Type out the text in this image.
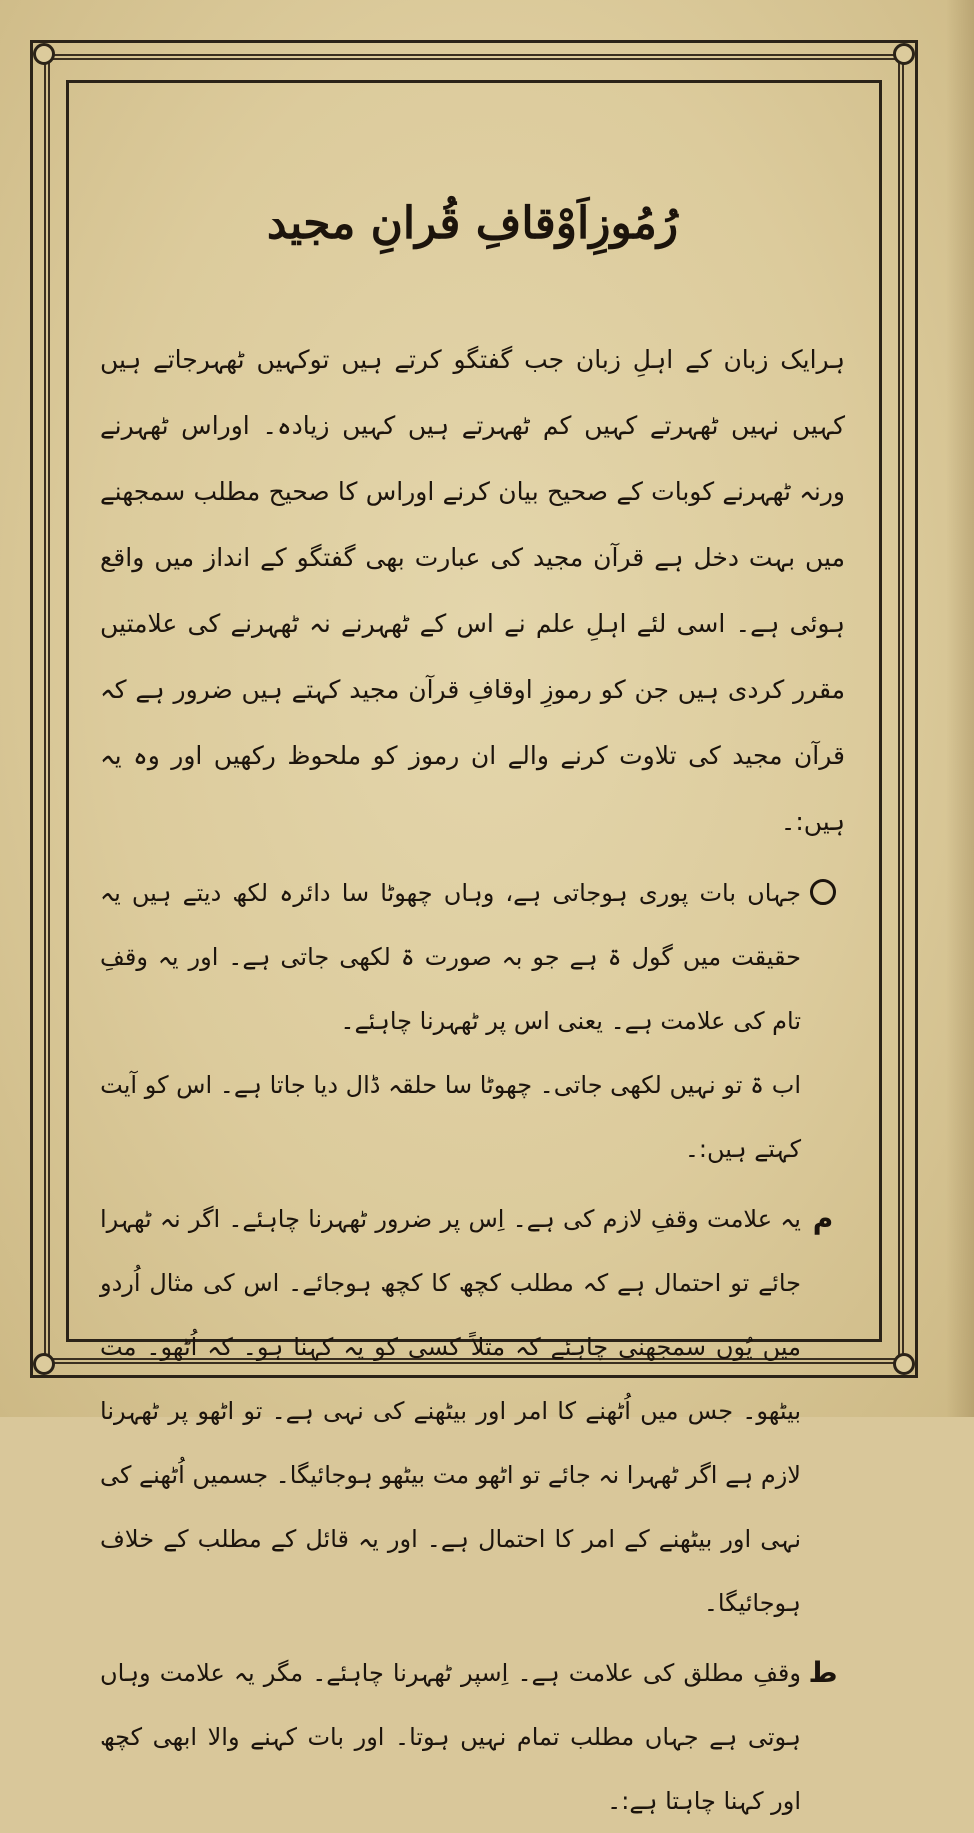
رُمُوزِاَوْقافِ قُرانِ مجید

ہرایک زبان کے اہلِ زبان جب گفتگو کرتے ہیں توکہیں ٹھہرجاتے ہیں کہیں نہیں ٹھہرتے کہیں کم ٹھہرتے ہیں کہیں زیادہ۔ اوراس ٹھہرنے ورنہ ٹھہرنے کوبات کے صحیح بیان کرنے اوراس کا صحیح مطلب سمجھنے میں بہت دخل ہے قرآن مجید کی عبارت بھی گفتگو کے انداز میں واقع ہوئی ہے۔ اسی لئے اہلِ علم نے اس کے ٹھہرنے نہ ٹھہرنے کی علامتیں مقرر کردی ہیں جن کو رموزِ اوقافِ قرآن مجید کہتے ہیں ضرور ہے کہ قرآن مجید کی تلاوت کرنے والے ان رموز کو ملحوظ رکھیں اور وہ یہ ہیں:۔

جہاں بات پوری ہوجاتی ہے، وہاں چھوٹا سا دائرہ لکھ دیتے ہیں یہ حقیقت میں گول ۃ ہے جو بہ صورت ۃ لکھی جاتی ہے۔ اور یہ وقفِ تام کی علامت ہے۔ یعنی اس پر ٹھہرنا چاہئے۔

اب ۃ تو نہیں لکھی جاتی۔ چھوٹا سا حلقہ ڈال دیا جاتا ہے۔ اس کو آیت کہتے ہیں:۔

م

یہ علامت وقفِ لازم کی ہے۔ اِس پر ضرور ٹھہرنا چاہئے۔ اگر نہ ٹھہرا جائے تو احتمال ہے کہ مطلب کچھ کا کچھ ہوجائے۔ اس کی مثال اُردو میں یُوں سمجھنی چاہئے کہ مثلاً کسی کو یہ کہنا ہو۔ کہ اُٹھو۔ مت بیٹھو۔ جس میں اُٹھنے کا امر اور بیٹھنے کی نہی ہے۔ تو اٹھو پر ٹھہرنا لازم ہے اگر ٹھہرا نہ جائے تو اٹھو مت بیٹھو ہوجائیگا۔ جسمیں اُٹھنے کی نہی اور بیٹھنے کے امر کا احتمال ہے۔ اور یہ قائل کے مطلب کے خلاف ہوجائیگا۔

ط

وقفِ مطلق کی علامت ہے۔ اِسپر ٹھہرنا چاہئے۔ مگر یہ علامت وہاں ہوتی ہے جہاں مطلب تمام نہیں ہوتا۔ اور بات کہنے والا ابھی کچھ اور کہنا چاہتا ہے:۔
